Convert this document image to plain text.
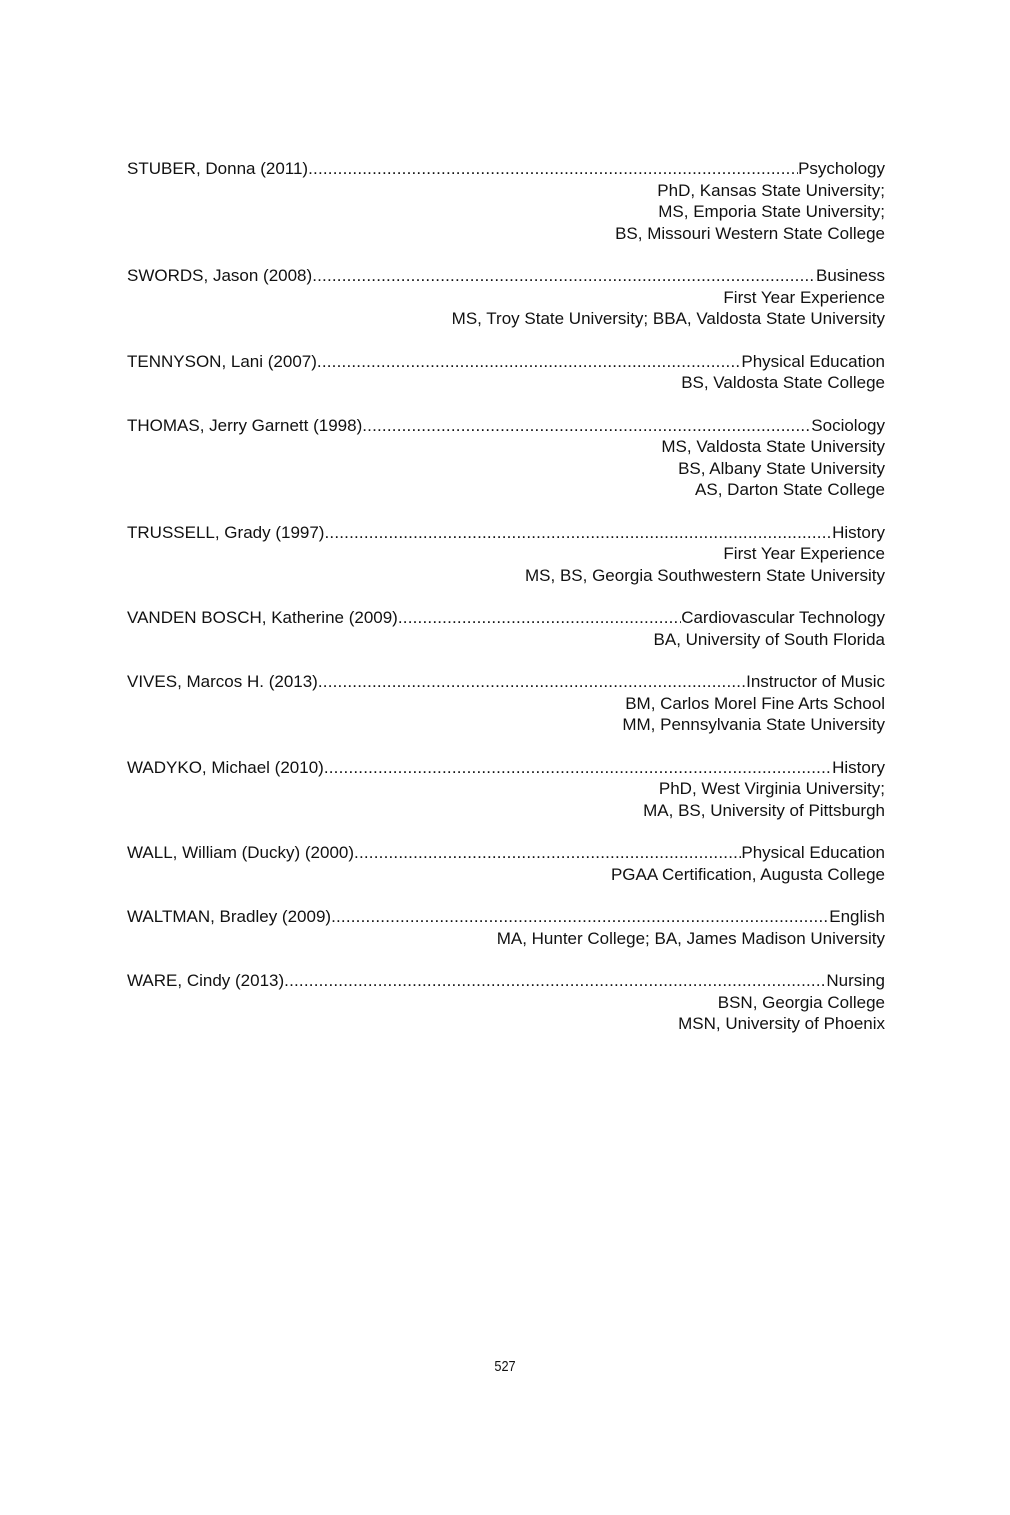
STUBER, Donna (2011) .....	Psychology
PhD, Kansas State University;
MS, Emporia State University;
BS, Missouri Western State College
SWORDS, Jason (2008) .....	Business
First Year Experience
MS, Troy State University; BBA, Valdosta State University
TENNYSON, Lani (2007) .....	Physical Education
BS, Valdosta State College
THOMAS, Jerry Garnett (1998) .....	Sociology
MS, Valdosta State University
BS, Albany State University
AS, Darton State College
TRUSSELL, Grady (1997) .....	History
First Year Experience
MS, BS, Georgia Southwestern State University
VANDEN BOSCH, Katherine (2009) .....	Cardiovascular Technology
BA, University of South Florida
VIVES, Marcos H. (2013) .....	Instructor of Music
BM, Carlos Morel Fine Arts School
MM, Pennsylvania State University
WADYKO, Michael (2010) .....	History
PhD, West Virginia University;
MA, BS, University of Pittsburgh
WALL, William (Ducky) (2000) .....	Physical Education
PGAA Certification, Augusta College
WALTMAN, Bradley (2009) .....	English
MA, Hunter College; BA, James Madison University
WARE, Cindy (2013) .....	Nursing
BSN, Georgia College
MSN, University of Phoenix
527
